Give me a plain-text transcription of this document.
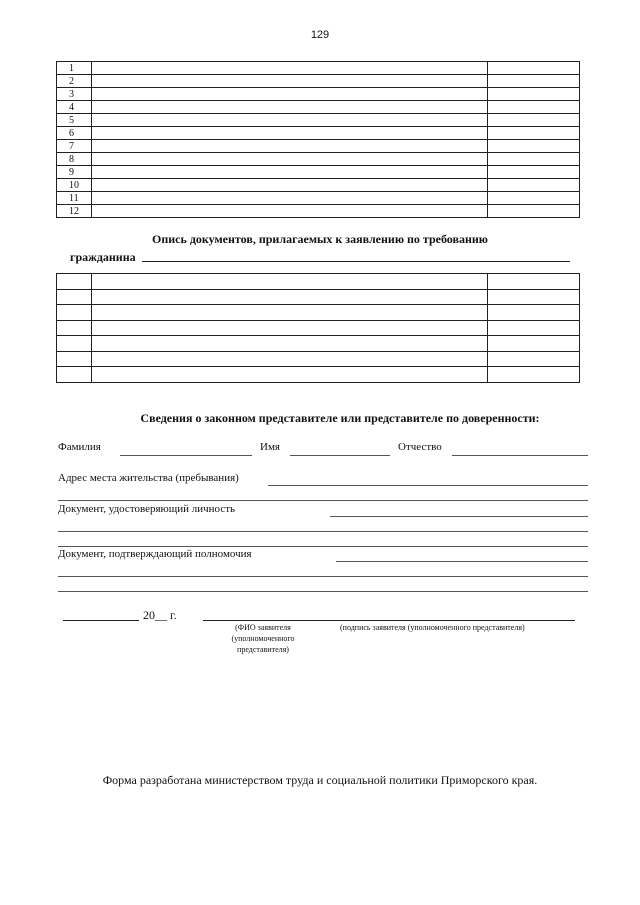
129
1		
2		
3		
4		
5		
6		
7		
8		
9		
10		
11		
12		
Опись документов, прилагаемых к заявлению по требованию
гражданина

Сведения о законном представителе или представителе по доверенности:
Фамилия	Имя	Отчество
Адрес места жительства (пребывания)
Документ, удостоверяющий личность
Документ, подтверждающий полномочия
20__ г.
(ФИО заявителя
(уполномоченного
представителя)
(подпись заявителя (уполномоченного представителя)
Форма разработана министерством труда и социальной политики Приморского края.
